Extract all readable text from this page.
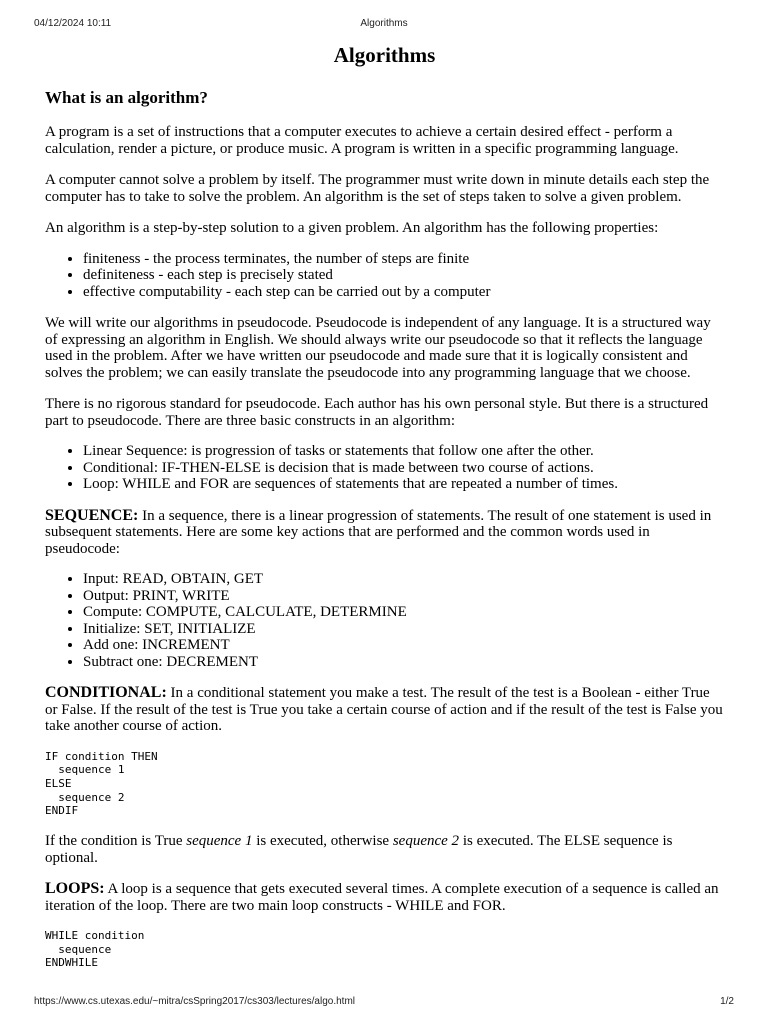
04/12/2024 10:11	Algorithms
Algorithms
What is an algorithm?

A program is a set of instructions that a computer executes to achieve a certain desired effect - perform a calculation, render a picture, or produce music. A program is written in a specific programming language.

A computer cannot solve a problem by itself. The programmer must write down in minute details each step the computer has to take to solve the problem. An algorithm is the set of steps taken to solve a given problem.

An algorithm is a step-by-step solution to a given problem. An algorithm has the following properties:

• finiteness - the process terminates, the number of steps are finite
• definiteness - each step is precisely stated
• effective computability - each step can be carried out by a computer

We will write our algorithms in pseudocode. Pseudocode is independent of any language. It is a structured way of expressing an algorithm in English. We should always write our pseudocode so that it reflects the language used in the problem. After we have written our pseudocode and made sure that it is logically consistent and solves the problem; we can easily translate the pseudocode into any programming language that we choose.

There is no rigorous standard for pseudocode. Each author has his own personal style. But there is a structured part to pseudocode. There are three basic constructs in an algorithm:

• Linear Sequence: is progression of tasks or statements that follow one after the other.
• Conditional: IF-THEN-ELSE is decision that is made between two course of actions.
• Loop: WHILE and FOR are sequences of statements that are repeated a number of times.

SEQUENCE: In a sequence, there is a linear progression of statements. The result of one statement is used in subsequent statements. Here are some key actions that are performed and the common words used in pseudocode:

• Input: READ, OBTAIN, GET
• Output: PRINT, WRITE
• Compute: COMPUTE, CALCULATE, DETERMINE
• Initialize: SET, INITIALIZE
• Add one: INCREMENT
• Subtract one: DECREMENT

CONDITIONAL: In a conditional statement you make a test. The result of the test is a Boolean - either True or False. If the result of the test is True you take a certain course of action and if the result of the test is False you take another course of action.

IF condition THEN
sequence 1
ELSE
sequence 2
ENDIF

If the condition is True sequence 1 is executed, otherwise sequence 2 is executed. The ELSE sequence is optional.

LOOPS: A loop is a sequence that gets executed several times. A complete execution of a sequence is called an iteration of the loop. There are two main loop constructs - WHILE and FOR.

WHILE condition
sequence
ENDWHILE
https://www.cs.utexas.edu/~mitra/csSpring2017/cs303/lectures/algo.html	1/2
